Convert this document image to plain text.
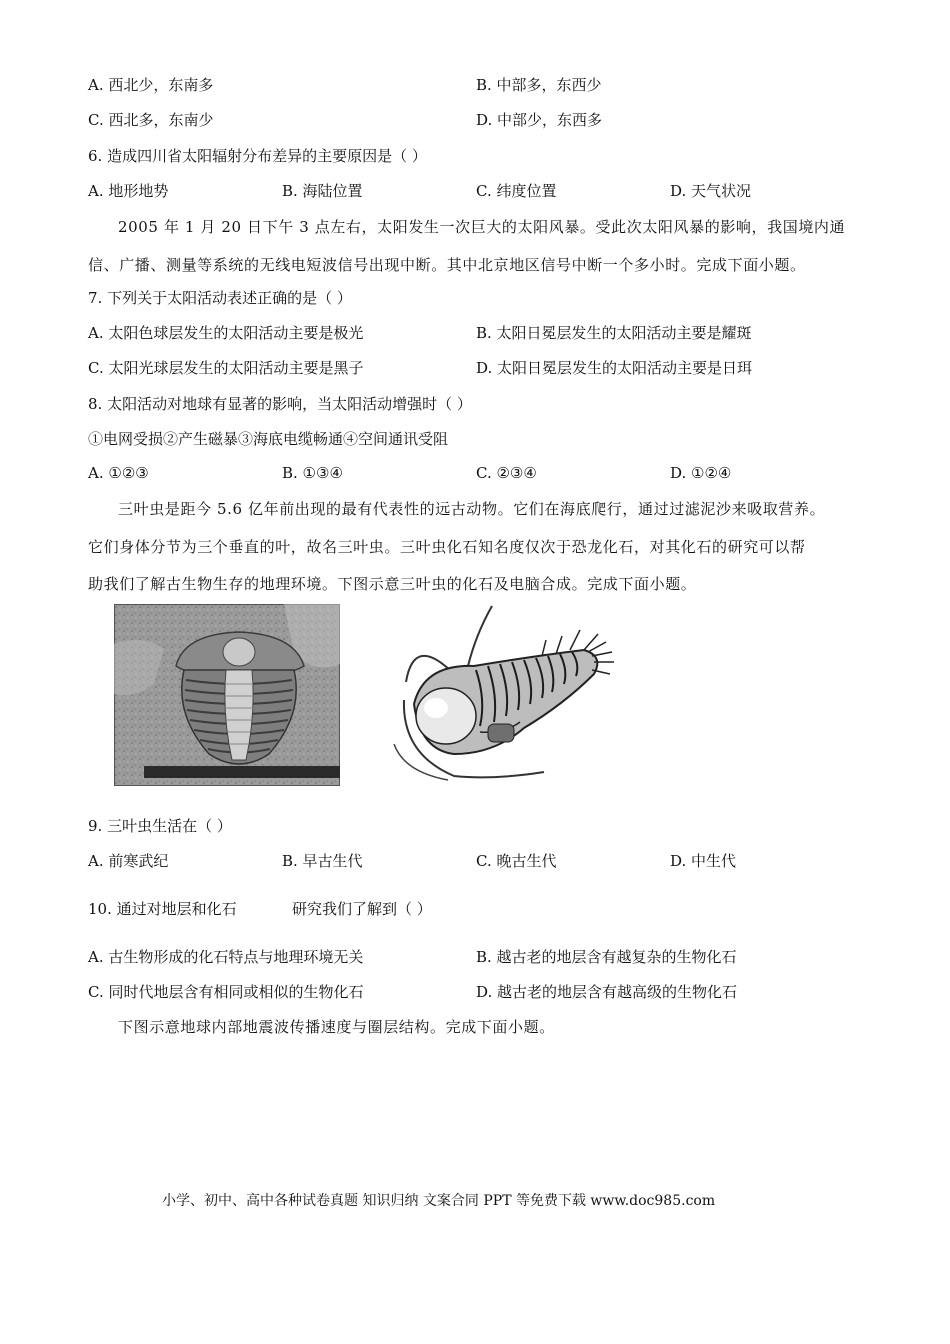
A. 西北少，东南多	B. 中部多，东西少
C. 西北多，东南少	D. 中部少，东西多
6. 造成四川省太阳辐射分布差异的主要原因是（ ）
A. 地形地势	B. 海陆位置	C. 纬度位置	D. 天气状况
2005 年 1 月 20 日下午 3 点左右，太阳发生一次巨大的太阳风暴。受此次太阳风暴的影响，我国境内通
信、广播、测量等系统的无线电短波信号出现中断。其中北京地区信号中断一个多小时。完成下面小题。
7. 下列关于太阳活动表述正确的是（ ）
A. 太阳色球层发生的太阳活动主要是极光	B. 太阳日冕层发生的太阳活动主要是耀斑
C. 太阳光球层发生的太阳活动主要是黑子	D. 太阳日冕层发生的太阳活动主要是日珥
8. 太阳活动对地球有显著的影响，当太阳活动增强时（ ）
①电网受损②产生磁暴③海底电缆畅通④空间通讯受阻
A. ①②③	B. ①③④	C. ②③④	D. ①②④
三叶虫是距今 5.6 亿年前出现的最有代表性的远古动物。它们在海底爬行，通过过滤泥沙来吸取营养。
它们身体分节为三个垂直的叶，故名三叶虫。三叶虫化石知名度仅次于恐龙化石，对其化石的研究可以帮
助我们了解古生物生存的地理环境。下图示意三叶虫的化石及电脑合成。完成下面小题。
9. 三叶虫生活在（ ）
A. 前寒武纪	B. 早古生代	C. 晚古生代	D. 中生代
10. 通过对地层和化石	研究我们了解到（ ）
A. 古生物形成的化石特点与地理环境无关	B. 越古老的地层含有越复杂的生物化石
C. 同时代地层含有相同或相似的生物化石	D. 越古老的地层含有越高级的生物化石
下图示意地球内部地震波传播速度与圈层结构。完成下面小题。
小学、初中、高中各种试卷真题 知识归纳 文案合同 PPT 等免费下载 www.doc985.com
